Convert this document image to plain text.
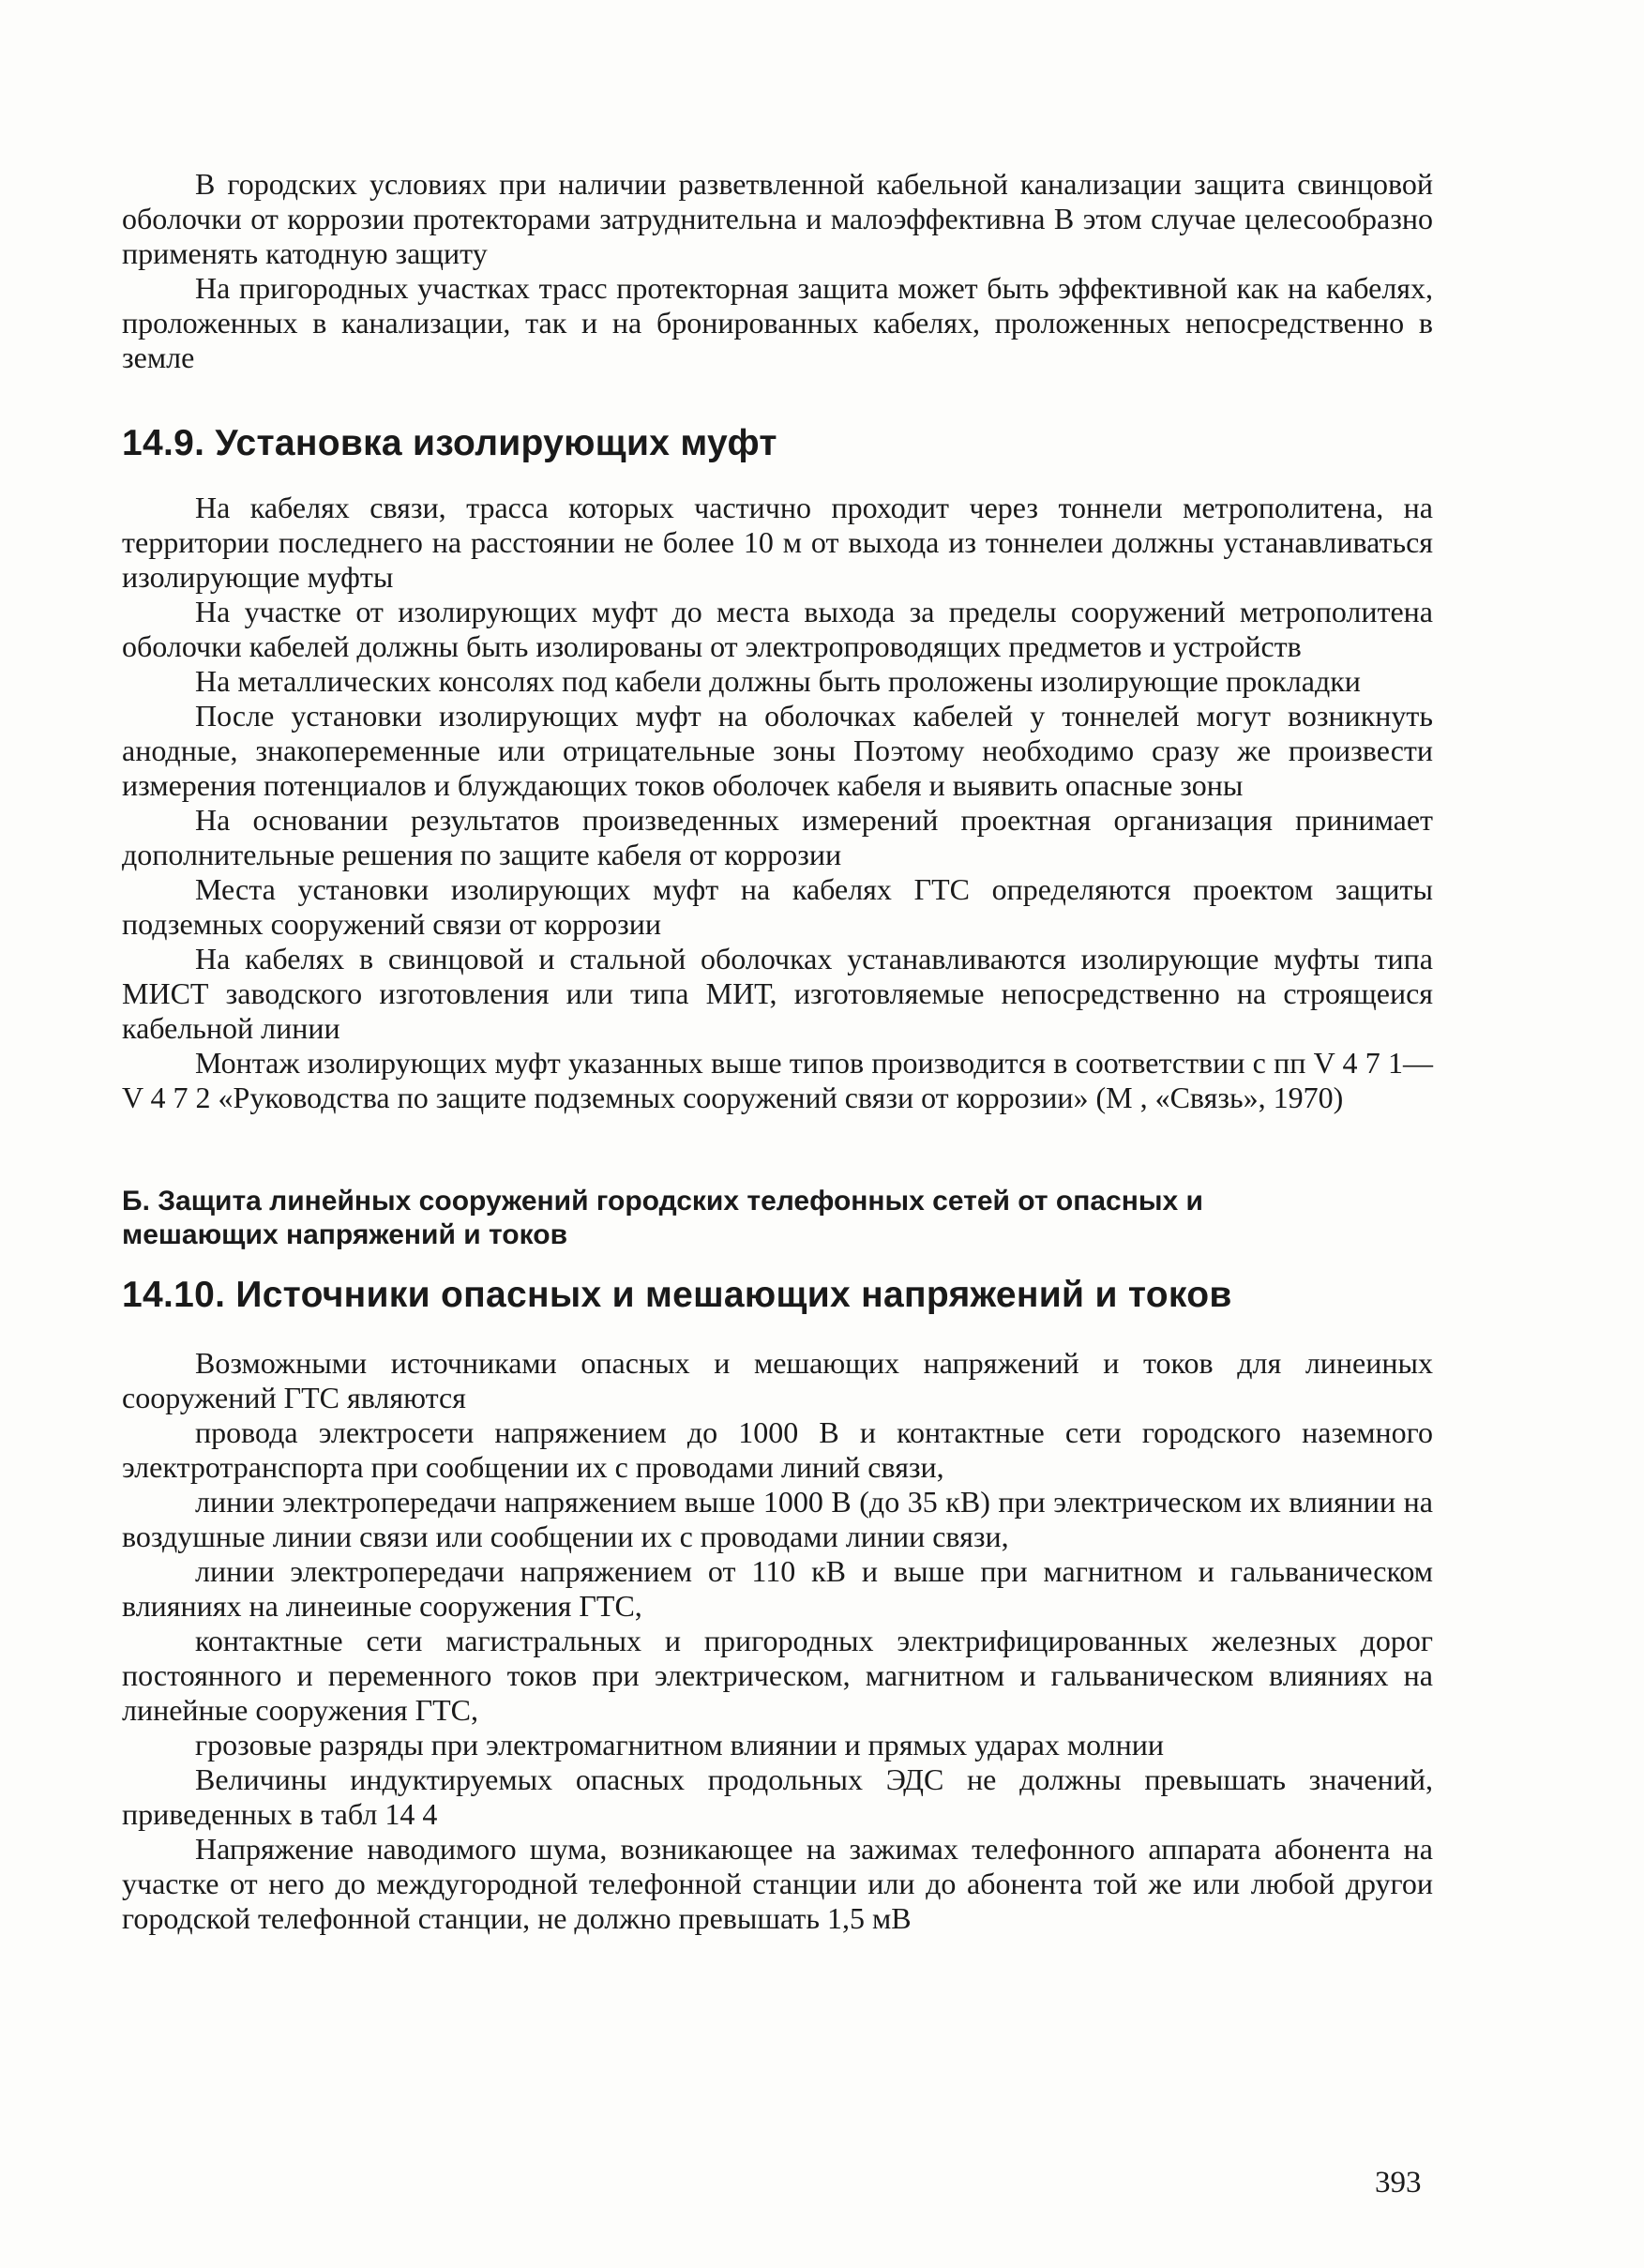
В городских условиях при наличии разветвленной кабельной канализации защита свинцовой оболочки от коррозии протекторами затруднительна и малоэффективна В этом случае целесообразно применять катодную защиту

На пригородных участках трасс протекторная защита может быть эффективной как на кабелях, проложенных в канализации, так и на бронированных кабелях, проложенных непосредственно в земле

14.9. Установка изолирующих муфт

На кабелях связи, трасса которых частично проходит через тоннели метрополитена, на территории последнего на расстоянии не более 10 м от выхода из тоннелеи должны устанавливаться изолирующие муфты

На участке от изолирующих муфт до места выхода за пределы сооружений метрополитена оболочки кабелей должны быть изолированы от электропроводящих предметов и устройств

На металлических консолях под кабели должны быть проложены изолирующие прокладки

После установки изолирующих муфт на оболочках кабелей у тоннелей могут возникнуть анодные, знакопеременные или отрицательные зоны Поэтому необходимо сразу же произвести измерения потенциалов и блуждающих токов оболочек кабеля и выявить опасные зоны

На основании результатов произведенных измерений проектная организация принимает дополнительные решения по защите кабеля от коррозии

Места установки изолирующих муфт на кабелях ГТС определяются проектом защиты подземных сооружений связи от коррозии

На кабелях в свинцовой и стальной оболочках устанавливаются изолирующие муфты типа МИСТ заводского изготовления или типа МИТ, изготовляемые непосредственно на строящеися кабельной линии

Монтаж изолирующих муфт указанных выше типов производится в соответствии с пп V 4 7 1—V 4 7 2 «Руководства по защите подземных сооружений связи от коррозии» (М , «Связь», 1970)

Б. Защита линейных сооружений городских телефонных сетей от опасных и мешающих напряжений и токов
14.10. Источники опасных и мешающих напряжений и токов

Возможными источниками опасных и мешающих напряжений и токов для линеиных сооружений ГТС являются

провода электросети напряжением до 1000 В и контактные сети городского наземного электротранспорта при сообщении их с проводами линий связи,

линии электропередачи напряжением выше 1000 В (до 35 кВ) при электрическом их влиянии на воздушные линии связи или сообщении их с проводами линии связи,

линии электропередачи напряжением от 110 кВ и выше при магнитном и гальваническом влияниях на линеиные сооружения ГТС,

контактные сети магистральных и пригородных электрифицированных железных дорог постоянного и переменного токов при электрическом, магнитном и гальваническом влияниях на линейные сооружения ГТС,

грозовые разряды при электромагнитном влиянии и прямых ударах молнии

Величины индуктируемых опасных продольных ЭДС не должны превышать значений, приведенных в табл 14 4

Напряжение наводимого шума, возникающее на зажимах телефонного аппарата абонента на участке от него до междугородной телефонной станции или до абонента той же или любой другои городской телефонной станции, не должно превышать 1,5 мВ

393
